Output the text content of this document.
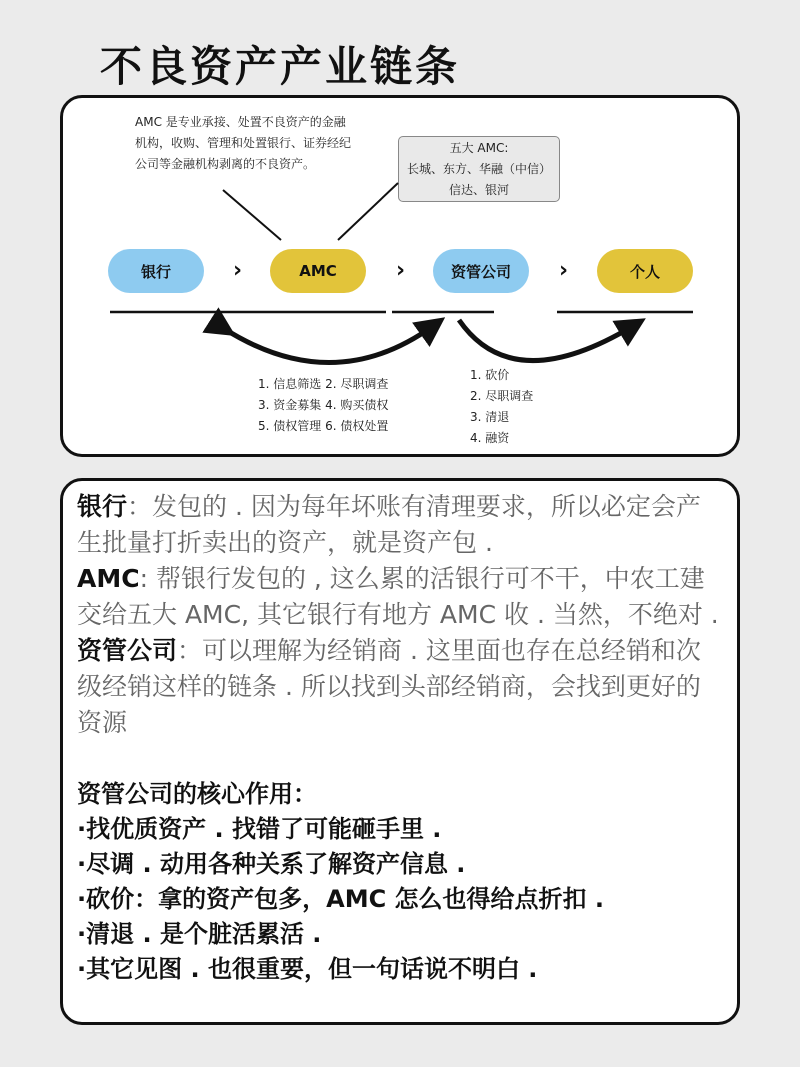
不良资产产业链条
AMC 是专业承接、处置不良资产的金融机构，收购、管理和处置银行、证券经纪公司等金融机构剥离的不良资产。
五大 AMC:
长城、东方、华融（中信）
信达、银河
银行	›	AMC	›	资管公司	›	个人
1. 信息筛选 2. 尽职调查
3. 资金募集 4. 购买债权
5. 债权管理 6. 债权处置
1. 砍价
2. 尽职调查
3. 清退
4. 融资
银行：发包的 . 因为每年坏账有清理要求，所以必定会产生批量打折卖出的资产，就是资产包 .
AMC: 帮银行发包的 , 这么累的活银行可不干，中农工建交给五大 AMC, 其它银行有地方 AMC 收 . 当然，不绝对 .
资管公司：可以理解为经销商 . 这里面也存在总经销和次级经销这样的链条 . 所以找到头部经销商，会找到更好的资源
资管公司的核心作用：
·找优质资产 . 找错了可能砸手里 .
·尽调 . 动用各种关系了解资产信息 .
·砍价：拿的资产包多，AMC 怎么也得给点折扣 .
·清退 . 是个脏活累活 .
·其它见图 . 也很重要，但一句话说不明白 .
